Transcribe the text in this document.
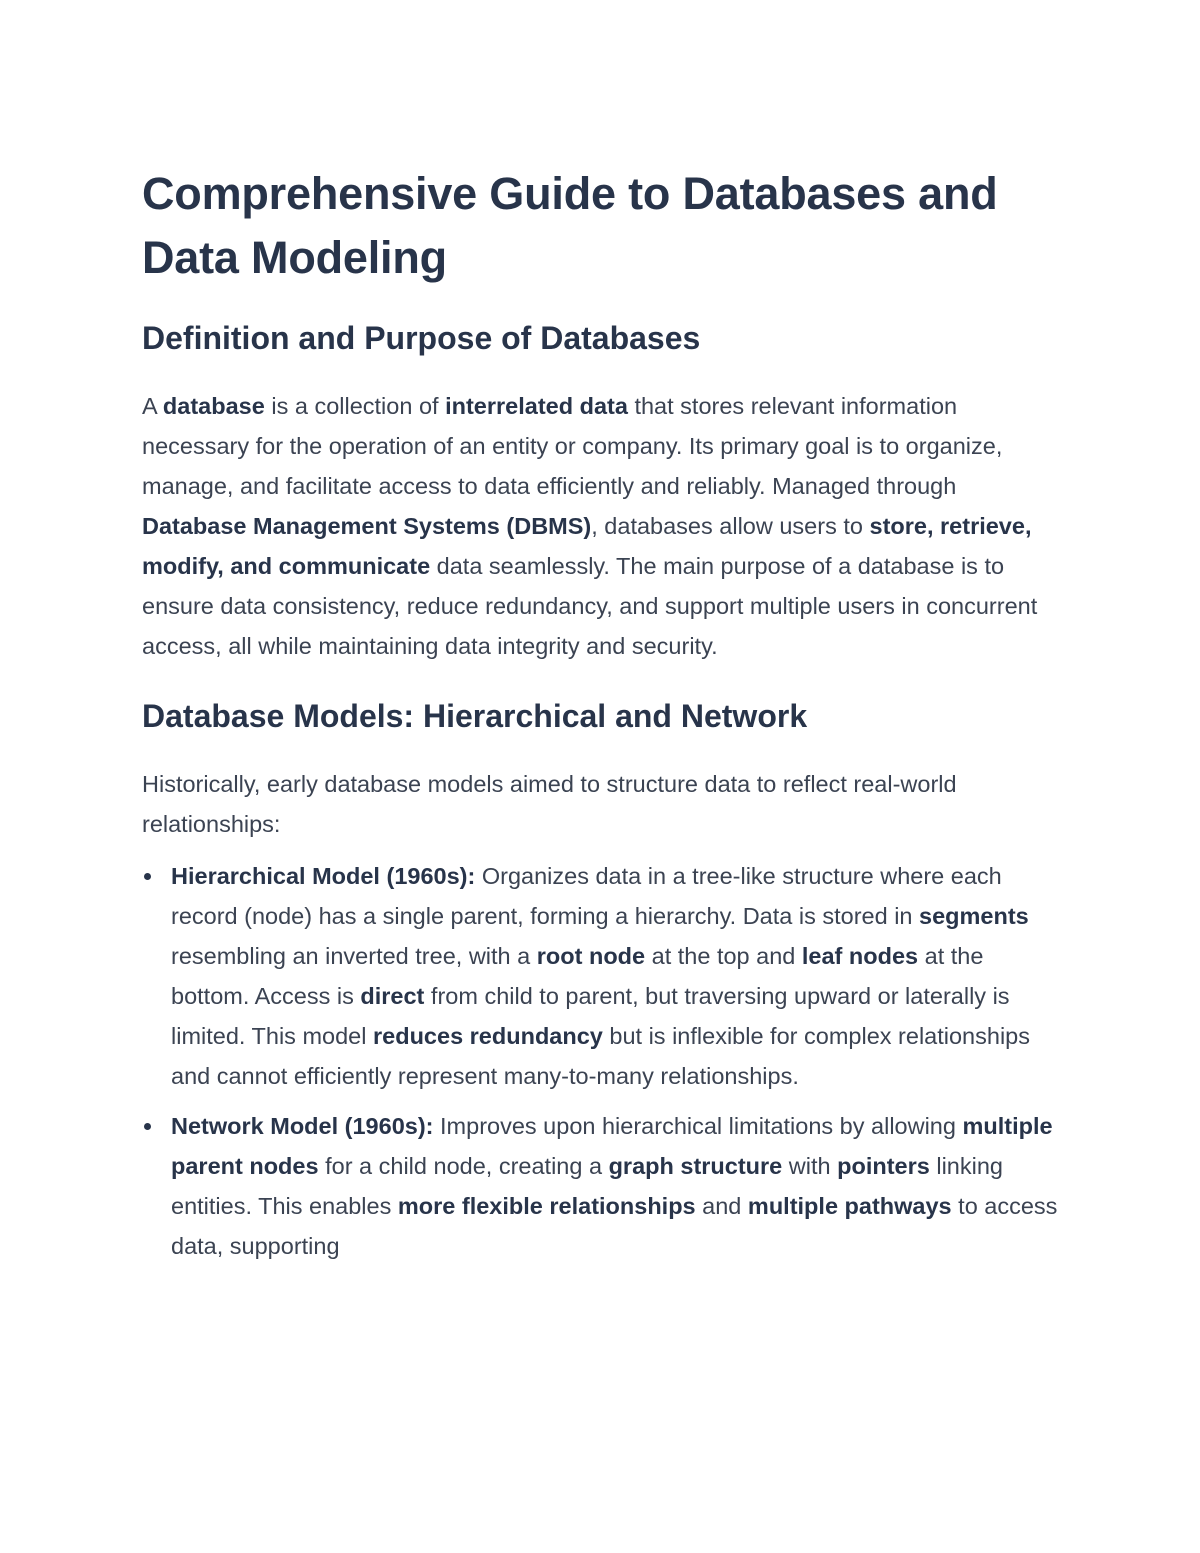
Comprehensive Guide to Databases and Data Modeling
Definition and Purpose of Databases

A database is a collection of interrelated data that stores relevant information necessary for the operation of an entity or company. Its primary goal is to organize, manage, and facilitate access to data efficiently and reliably. Managed through Database Management Systems (DBMS), databases allow users to store, retrieve, modify, and communicate data seamlessly. The main purpose of a database is to ensure data consistency, reduce redundancy, and support multiple users in concurrent access, all while maintaining data integrity and security.

Database Models: Hierarchical and Network

Historically, early database models aimed to structure data to reflect real-world relationships:

Hierarchical Model (1960s): Organizes data in a tree-like structure where each record (node) has a single parent, forming a hierarchy. Data is stored in segments resembling an inverted tree, with a root node at the top and leaf nodes at the bottom. Access is direct from child to parent, but traversing upward or laterally is limited. This model reduces redundancy but is inflexible for complex relationships and cannot efficiently represent many-to-many relationships.
Network Model (1960s): Improves upon hierarchical limitations by allowing multiple parent nodes for a child node, creating a graph structure with pointers linking entities. This enables more flexible relationships and multiple pathways to access data, supporting
